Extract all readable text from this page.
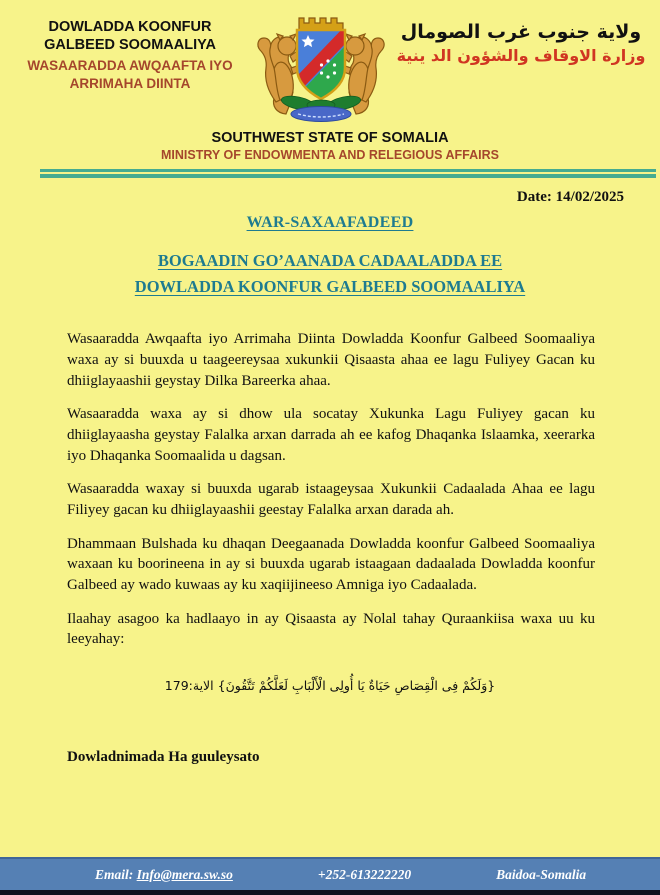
DOWLADDA KOONFUR GALBEED SOOMAALIYA
WASAARADDA AWQAAFTA IYO ARRIMAHA DIINTA
ولاية جنوب غرب الصومال
وزارة الاوقاف والشؤون الد ينية
SOUTHWEST STATE OF SOMALIA
MINISTRY OF ENDOWMENTA AND RELEGIOUS AFFAIRS
Date: 14/02/2025
WAR-SAXAAFADEED
BOGAADIN GO’AANADA CADAALADDA EE
DOWLADDA KOONFUR GALBEED SOOMAALIYA

Wasaaradda Awqaafta iyo Arrimaha Diinta Dowladda Koonfur Galbeed Soomaaliya waxa ay si buuxda u taageereysaa xukunkii Qisaasta ahaa ee lagu Fuliyey Gacan ku dhiiglayaashii geystay Dilka Bareerka ahaa.

Wasaaradda waxa ay si dhow ula socatay Xukunka Lagu Fuliyey gacan ku dhiiglayaasha geystay Falalka arxan darrada ah ee kafog Dhaqanka Islaamka, xeerarka iyo Dhaqanka Soomaalida u dagsan.

Wasaaradda waxay si buuxda ugarab istaageysaa Xukunkii Cadaalada Ahaa ee lagu Filiyey gacan ku dhiiglayaashii geestay Falalka arxan darada ah.

Dhammaan Bulshada ku dhaqan Deegaanada Dowladda koonfur Galbeed Soomaaliya waxaan ku boorineena in ay si buuxda ugarab istaagaan dadaalada Dowladda koonfur Galbeed ay wado kuwaas ay ku xaqiijineeso Amniga iyo Cadaalada.

Ilaahay asagoo ka hadlaayo in ay Qisaasta ay Nolal tahay Quraankiisa waxa uu ku leeyahay:

{وَلَكُمْ فِى الْقِصَاصِ حَيَاةٌ يَا أُولِى الْأَلْبَابِ لَعَلَّكُمْ تَتَّقُونَ} الاية:179
Dowladnimada Ha guuleysato
Email: Info@mera.sw.so	+252-613222220	Baidoa-Somalia
